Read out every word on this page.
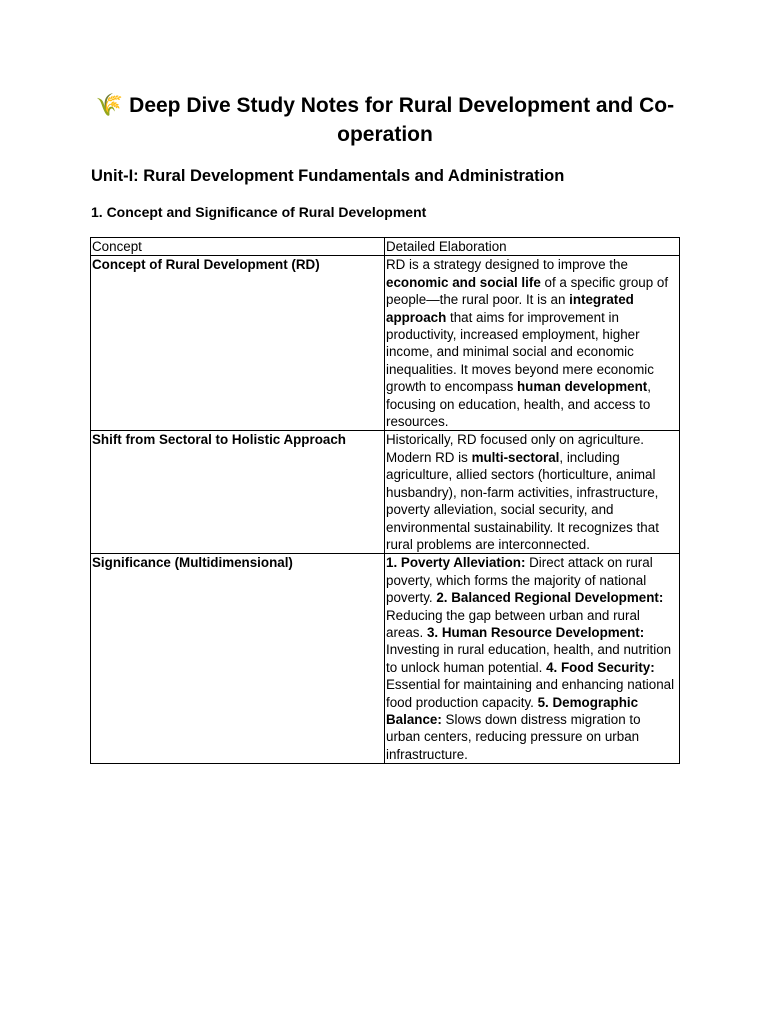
🌾 Deep Dive Study Notes for Rural Development and Co-operation
Unit-I: Rural Development Fundamentals and Administration
1. Concept and Significance of Rural Development
Concept	Detailed Elaboration
Concept of Rural Development (RD)	RD is a strategy designed to improve the economic and social life of a specific group of people—the rural poor. It is an integrated approach that aims for improvement in productivity, increased employment, higher income, and minimal social and economic inequalities. It moves beyond mere economic growth to encompass human development, focusing on education, health, and access to resources.
Shift from Sectoral to Holistic Approach	Historically, RD focused only on agriculture. Modern RD is multi-sectoral, including agriculture, allied sectors (horticulture, animal husbandry), non-farm activities, infrastructure, poverty alleviation, social security, and environmental sustainability. It recognizes that rural problems are interconnected.
Significance (Multidimensional)	1. Poverty Alleviation: Direct attack on rural poverty, which forms the majority of national poverty. 2. Balanced Regional Development: Reducing the gap between urban and rural areas. 3. Human Resource Development: Investing in rural education, health, and nutrition to unlock human potential. 4. Food Security: Essential for maintaining and enhancing national food production capacity. 5. Demographic Balance: Slows down distress migration to urban centers, reducing pressure on urban infrastructure.
